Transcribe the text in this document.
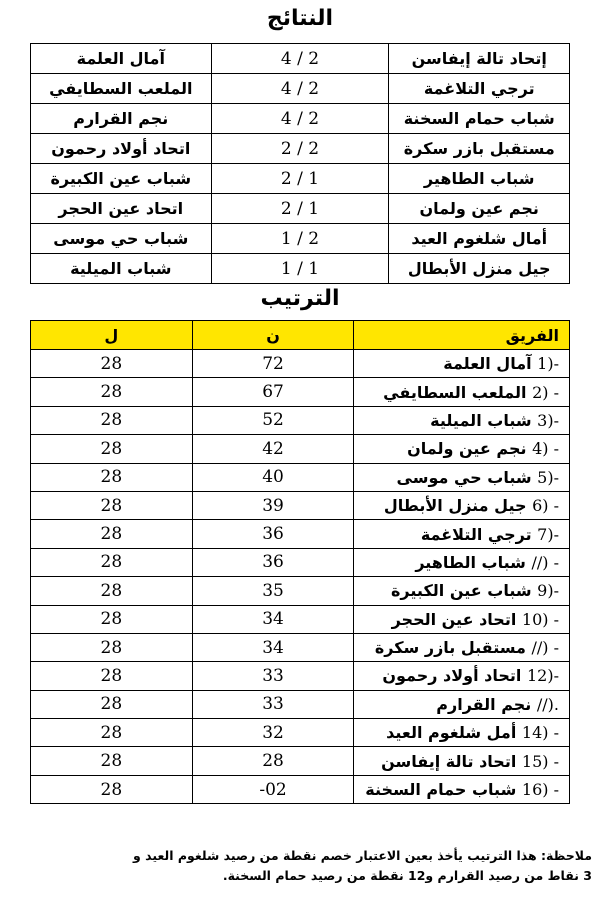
النتائج
إتحاد تالة إيفاسن	4 / 2	آمال العلمة
ترجي التلاغمة	4 / 2	الملعب السطايفي
شباب حمام السخنة	4 / 2	نجم القرارم
مستقبل بازر سكرة	2 / 2	اتحاد أولاد رحمون
شباب الطاهير	2 / 1	شباب عين الكبيرة
نجم عين ولمان	2 / 1	اتحاد عين الحجر
أمال شلغوم العيد	1 / 2	شباب حي موسى
جيل منزل الأبطال	1 / 1	شباب الميلية
الترتيب
الفريق	ن	ل
1)- آمال العلمة	72	28
2) - الملعب السطايفي	67	28
3)- شباب الميلية	52	28
4) - نجم عين ولمان	42	28
5)- شباب حي موسى	40	28
6) - جيل منزل الأبطال	39	28
7)- ترجي التلاغمة	36	28
//) - شباب الطاهير	36	28
9)- شباب عين الكبيرة	35	28
10) - اتحاد عين الحجر	34	28
//) - مستقبل بازر سكرة	34	28
12)- اتحاد أولاد رحمون	33	28
//). نجم القرارم	33	28
14) - أمل شلغوم العيد	32	28
15) - اتحاد تالة إيفاسن	28	28
16) - شباب حمام السخنة	-02	28
ملاحظة: هذا الترتيب يأخذ بعين الاعتبار خصم نقطة من رصيد شلغوم العيد و
3 نقاط من رصيد القرارم و12 نقطة من رصيد حمام السخنة.
